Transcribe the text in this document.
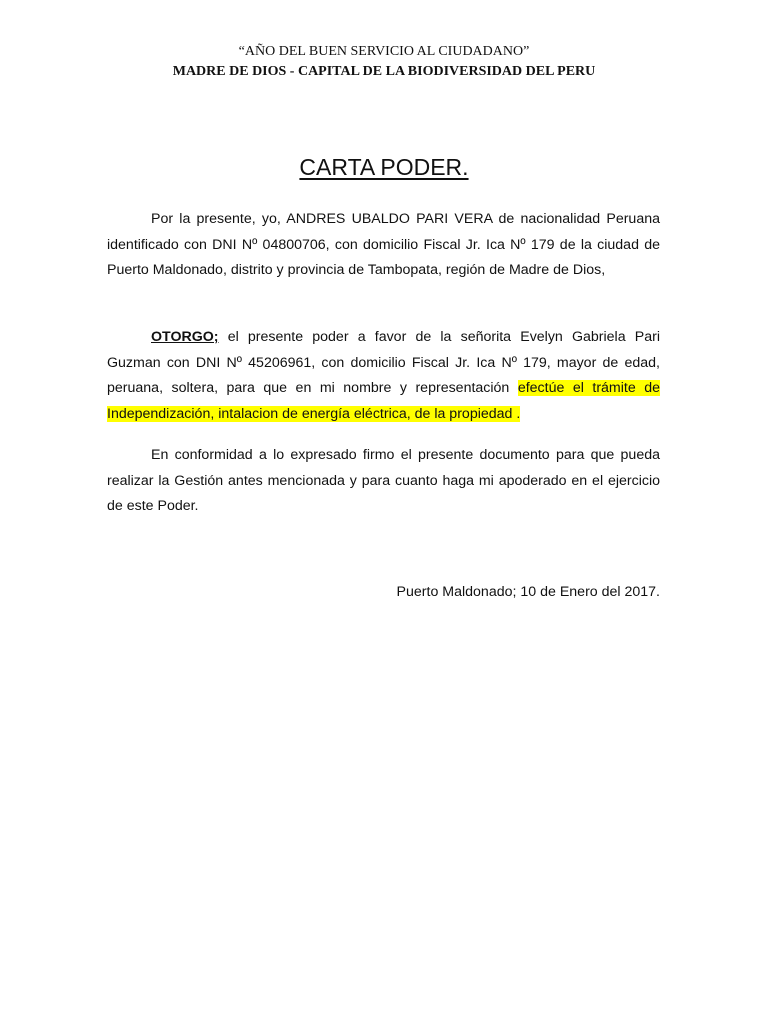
“AÑO DEL BUEN SERVICIO AL CIUDADANO”
MADRE DE DIOS - CAPITAL DE LA BIODIVERSIDAD DEL PERU
CARTA PODER.

Por la presente, yo, ANDRES UBALDO PARI VERA de nacionalidad Peruana identificado con DNI Nº 04800706, con domicilio Fiscal Jr. Ica Nº 179 de la ciudad de Puerto Maldonado, distrito y provincia de Tambopata, región de Madre de Dios,

OTORGO; el presente poder a favor de la señorita Evelyn Gabriela Pari Guzman con DNI Nº 45206961, con domicilio Fiscal Jr. Ica Nº 179, mayor de edad, peruana, soltera, para que en mi nombre y representación efectúe el trámite de Independización, intalacion de energía eléctrica, de la propiedad .

En conformidad a lo expresado firmo el presente documento para que pueda realizar la Gestión antes mencionada y para cuanto haga mi apoderado en el ejercicio de este Poder.

Puerto Maldonado; 10 de Enero del 2017.
